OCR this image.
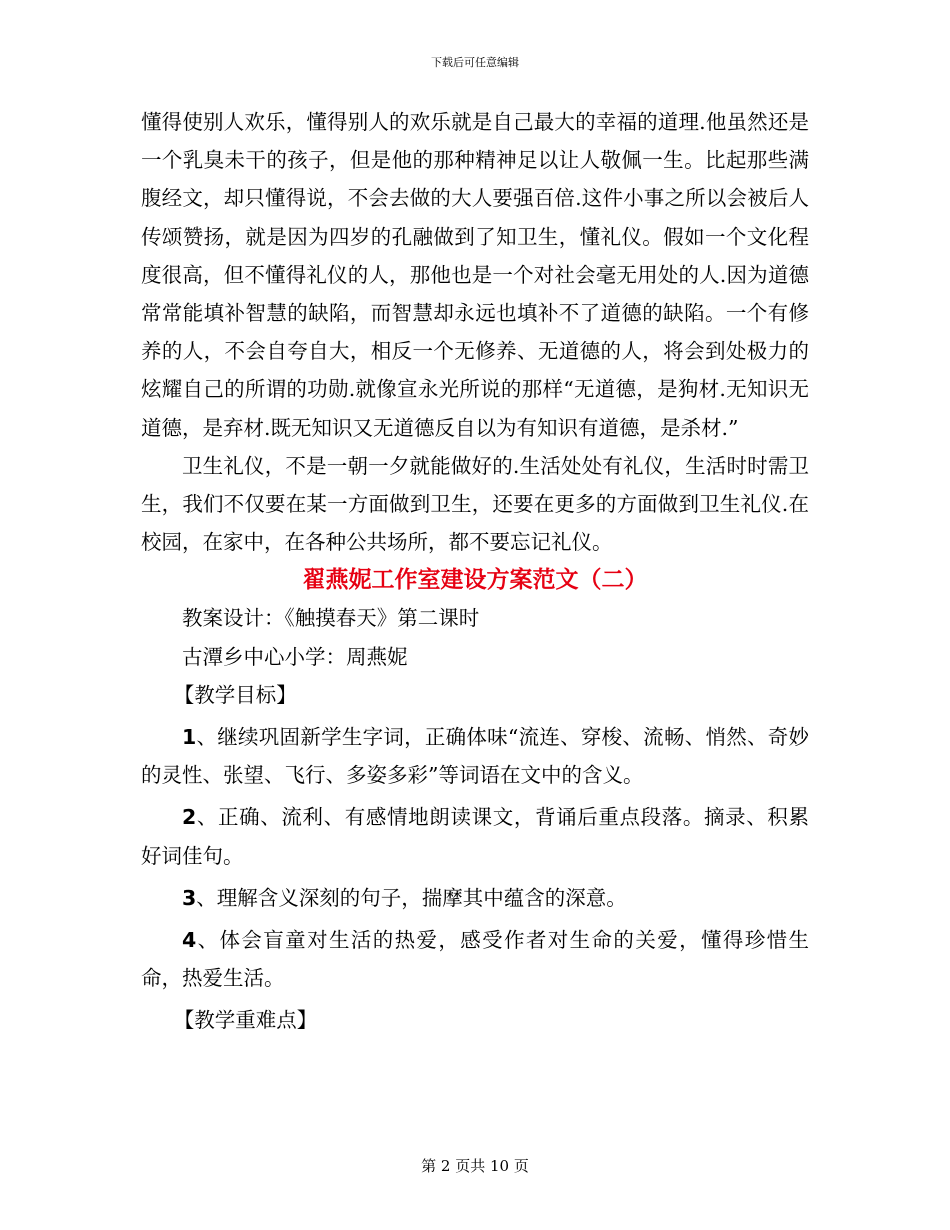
下载后可任意编辑

懂得使别人欢乐，懂得别人的欢乐就是自己最大的幸福的道理.他虽然还是一个乳臭未干的孩子，但是他的那种精神足以让人敬佩一生。比起那些满腹经文，却只懂得说，不会去做的大人要强百倍.这件小事之所以会被后人传颂赞扬，就是因为四岁的孔融做到了知卫生，懂礼仪。假如一个文化程度很高，但不懂得礼仪的人，那他也是一个对社会毫无用处的人.因为道德常常能填补智慧的缺陷，而智慧却永远也填补不了道德的缺陷。一个有修养的人，不会自夸自大，相反一个无修养、无道德的人，将会到处极力的炫耀自己的所谓的功勋.就像宣永光所说的那样“无道德，是狗材.无知识无道德，是弃材.既无知识又无道德反自以为有知识有道德，是杀材.”

卫生礼仪，不是一朝一夕就能做好的.生活处处有礼仪，生活时时需卫生，我们不仅要在某一方面做到卫生，还要在更多的方面做到卫生礼仪.在校园，在家中，在各种公共场所，都不要忘记礼仪。

翟燕妮工作室建设方案范文（二）

教案设计：《触摸春天》第二课时

古潭乡中心小学：周燕妮

【教学目标】

1、继续巩固新学生字词，正确体味“流连、穿梭、流畅、悄然、奇妙的灵性、张望、飞行、多姿多彩”等词语在文中的含义。

2、正确、流利、有感情地朗读课文，背诵后重点段落。摘录、积累好词佳句。

3、理解含义深刻的句子，揣摩其中蕴含的深意。

4、体会盲童对生活的热爱，感受作者对生命的关爱，懂得珍惜生命，热爱生活。

【教学重难点】

第 2 页共 10 页
